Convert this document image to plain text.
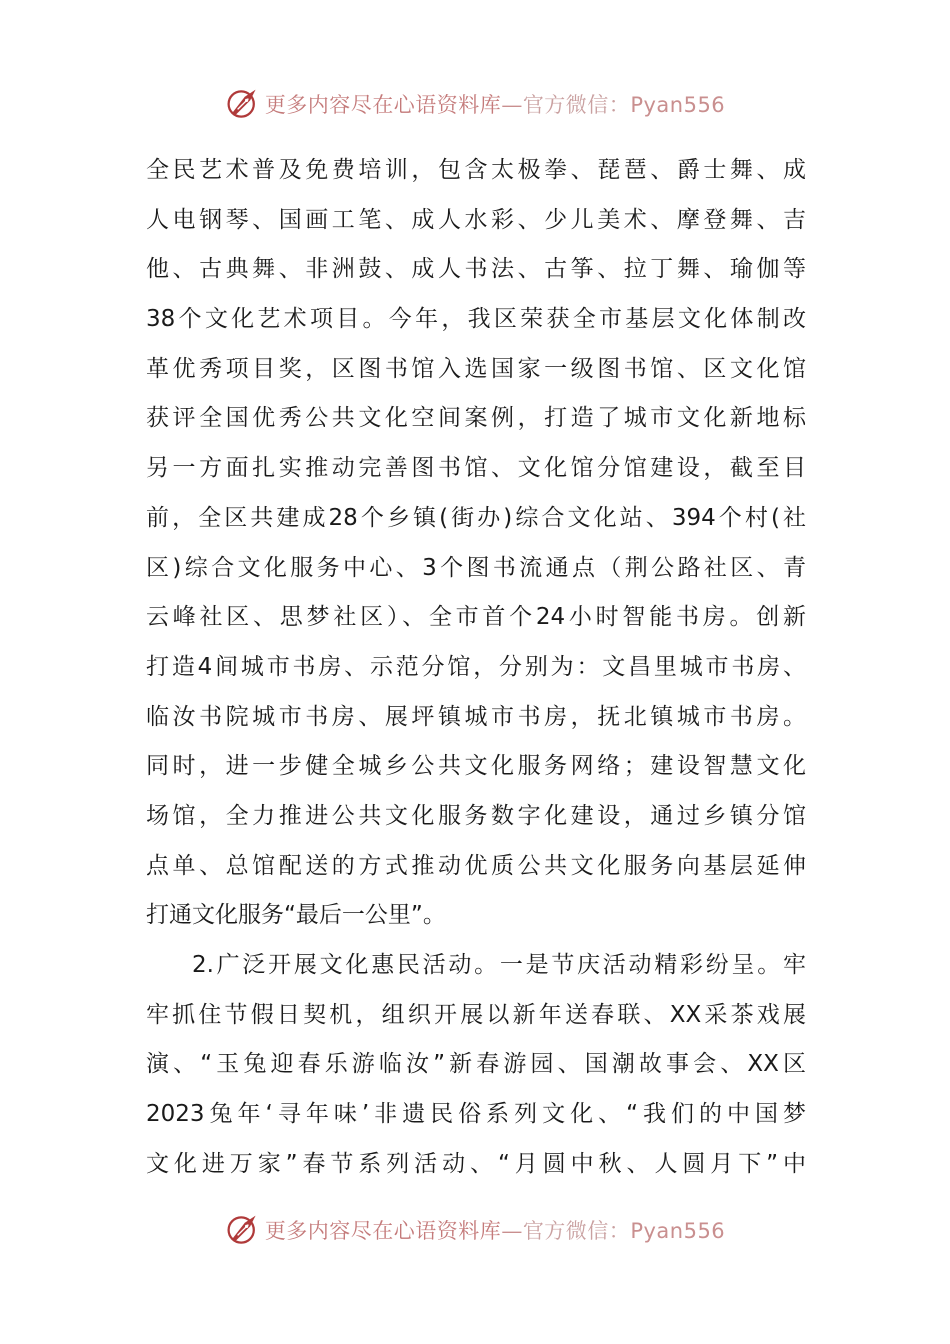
更多内容尽在心语资料库—官方微信：Pyan556
全民艺术普及免费培训，包含太极拳、琵琶、爵士舞、成
人电钢琴、国画工笔、成人水彩、少儿美术、摩登舞、吉
他、古典舞、非洲鼓、成人书法、古筝、拉丁舞、瑜伽等
38个文化艺术项目。今年，我区荣获全市基层文化体制改
革优秀项目奖，区图书馆入选国家一级图书馆、区文化馆
获评全国优秀公共文化空间案例，打造了城市文化新地标
另一方面扎实推动完善图书馆、文化馆分馆建设，截至目
前，全区共建成28个乡镇(街办)综合文化站、394个村(社
区)综合文化服务中心、3个图书流通点（荆公路社区、青
云峰社区、思梦社区）、全市首个24小时智能书房。创新
打造4间城市书房、示范分馆，分别为：文昌里城市书房、
临汝书院城市书房、展坪镇城市书房，抚北镇城市书房。
同时，进一步健全城乡公共文化服务网络；建设智慧文化
场馆，全力推进公共文化服务数字化建设，通过乡镇分馆
点单、总馆配送的方式推动优质公共文化服务向基层延伸
打通文化服务“最后一公里”。
2.广泛开展文化惠民活动。一是节庆活动精彩纷呈。牢
牢抓住节假日契机，组织开展以新年送春联、XX采茶戏展
演、“玉兔迎春乐游临汝”新春游园、国潮故事会、XX区
2023兔年‘寻年味’非遗民俗系列文化、“我们的中国梦
文化进万家”春节系列活动、“月圆中秋、人圆月下”中
更多内容尽在心语资料库—官方微信：Pyan556
